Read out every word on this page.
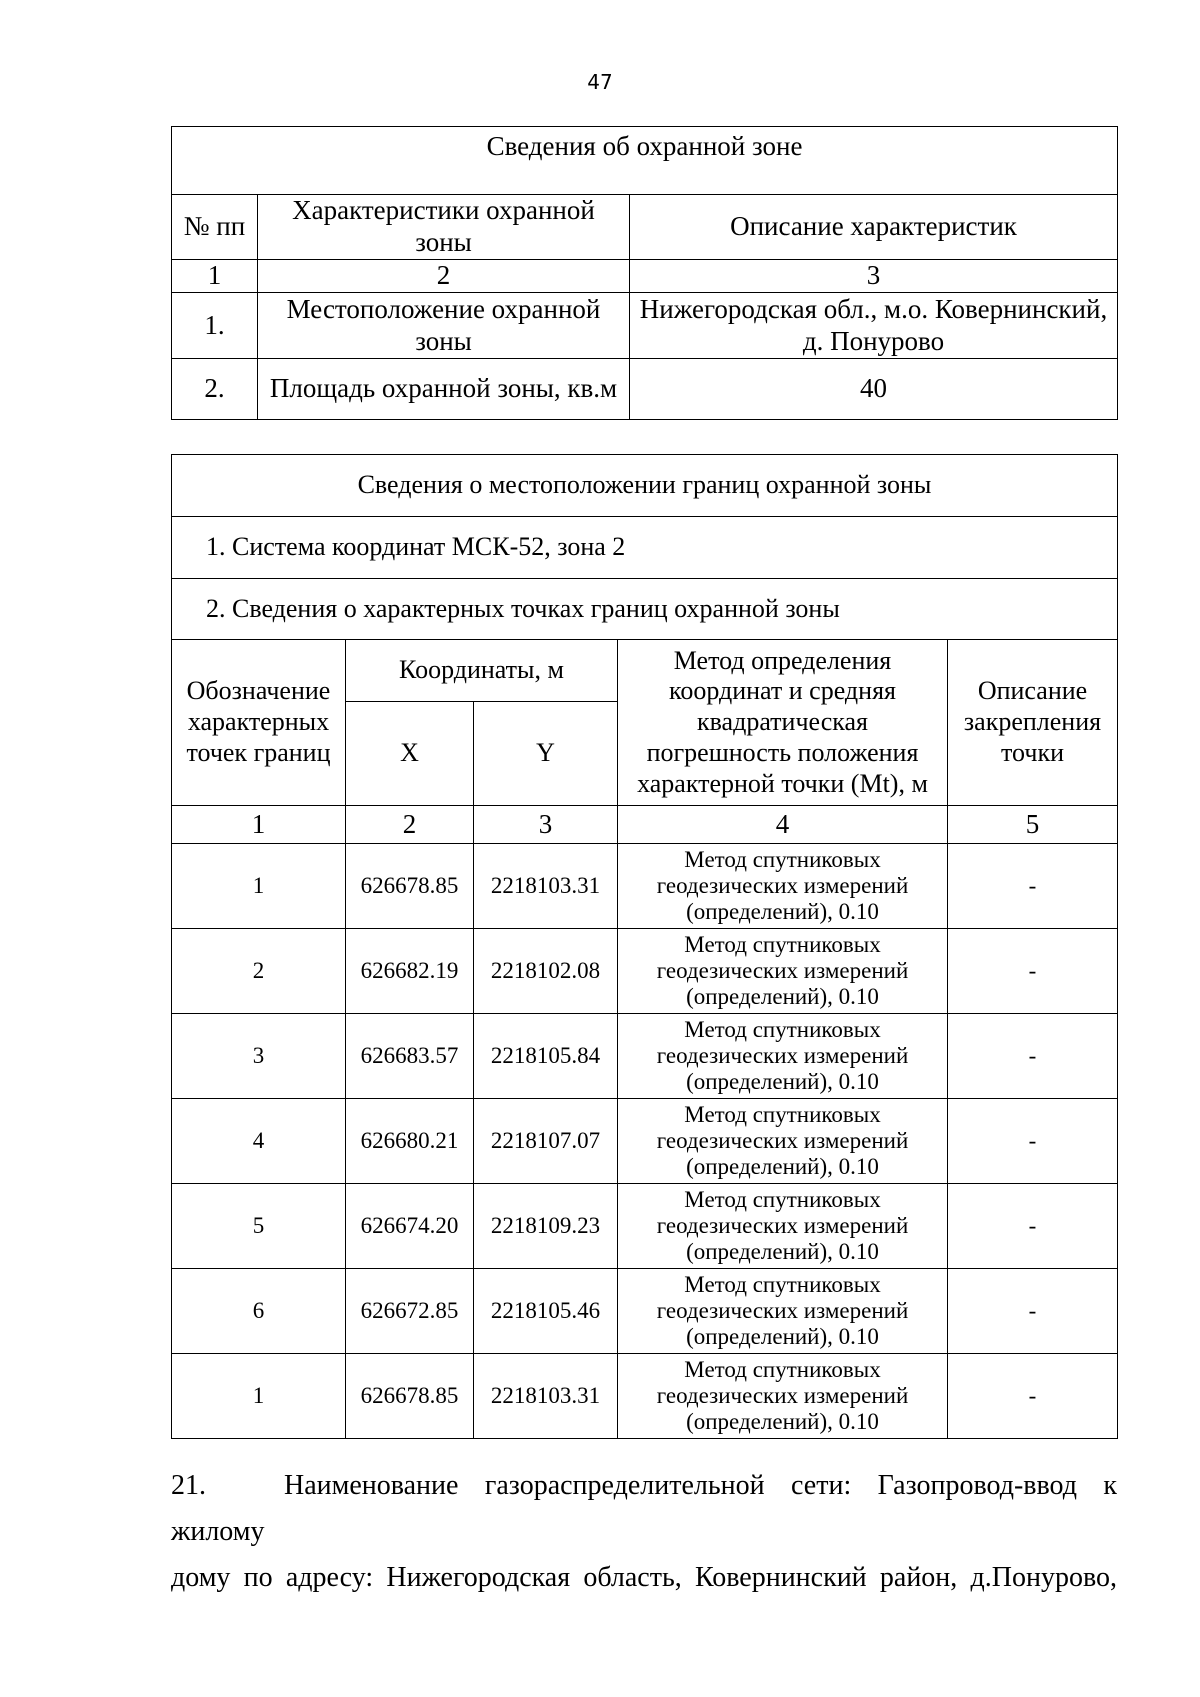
47
Сведения об охранной зоне		
№ пп	Характеристики охранной зоны	Описание характеристик
1	2	3
1.	Местоположение охранной зоны	Нижегородская обл., м.о. Ковернинский, д. Понурово
2.	Площадь охранной зоны, кв.м	40
Сведения о местоположении границ охранной зоны				
1. Система координат МСК-52, зона 2				
2. Сведения о характерных точках границ охранной зоны				
Обозначение характерных точек границ	Координаты, м		Метод определения координат и средняя квадратическая погрешность положения характерной точки (Mt), м	Описание закрепления точки
	X	Y		
1	2	3	4	5
1	626678.85	2218103.31	Метод спутниковых геодезических измерений (определений), 0.10	-
2	626682.19	2218102.08	Метод спутниковых геодезических измерений (определений), 0.10	-
3	626683.57	2218105.84	Метод спутниковых геодезических измерений (определений), 0.10	-
4	626680.21	2218107.07	Метод спутниковых геодезических измерений (определений), 0.10	-
5	626674.20	2218109.23	Метод спутниковых геодезических измерений (определений), 0.10	-
6	626672.85	2218105.46	Метод спутниковых геодезических измерений (определений), 0.10	-
1	626678.85	2218103.31	Метод спутниковых геодезических измерений (определений), 0.10	-

21.	Наименование газораспределительной сети: Газопровод-ввод к жилому

дому по адресу: Нижегородская область, Ковернинский район, д.Понурово,
